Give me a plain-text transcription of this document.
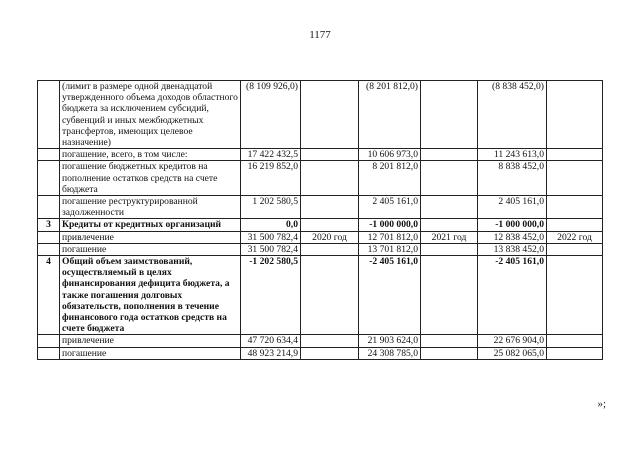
1177
	(лимит в размере одной двенадцатой утвержденного объема доходов областного бюджета за исключением субсидий, субвенций и иных межбюджетных трансфертов, имеющих целевое назначение)	(8 109 926,0)		(8 201 812,0)		(8 838 452,0)	
	погашение, всего, в том числе:	17 422 432,5		10 606 973,0		11 243 613,0	
	погашение бюджетных кредитов на пополнение остатков средств на счете бюджета	16 219 852,0		8 201 812,0		8 838 452,0	
	погашение реструктурированной задолженности	1 202 580,5		2 405 161,0		2 405 161,0	
3	Кредиты от кредитных организаций	0,0		-1 000 000,0		-1 000 000,0	
	привлечение	31 500 782,4	2020 год	12 701 812,0	2021 год	12 838 452,0	2022 год
	погашение	31 500 782,4		13 701 812,0		13 838 452,0	
4	Общий объем заимствований, осуществляемый в целях финансирования дефицита бюджета, а также погашения долговых обязательств, пополнения в течение финансового года остатков средств на счете бюджета	-1 202 580,5		-2 405 161,0		-2 405 161,0	
	привлечение	47 720 634,4		21 903 624,0		22 676 904,0	
	погашение	48 923 214,9		24 308 785,0		25 082 065,0	
»;
